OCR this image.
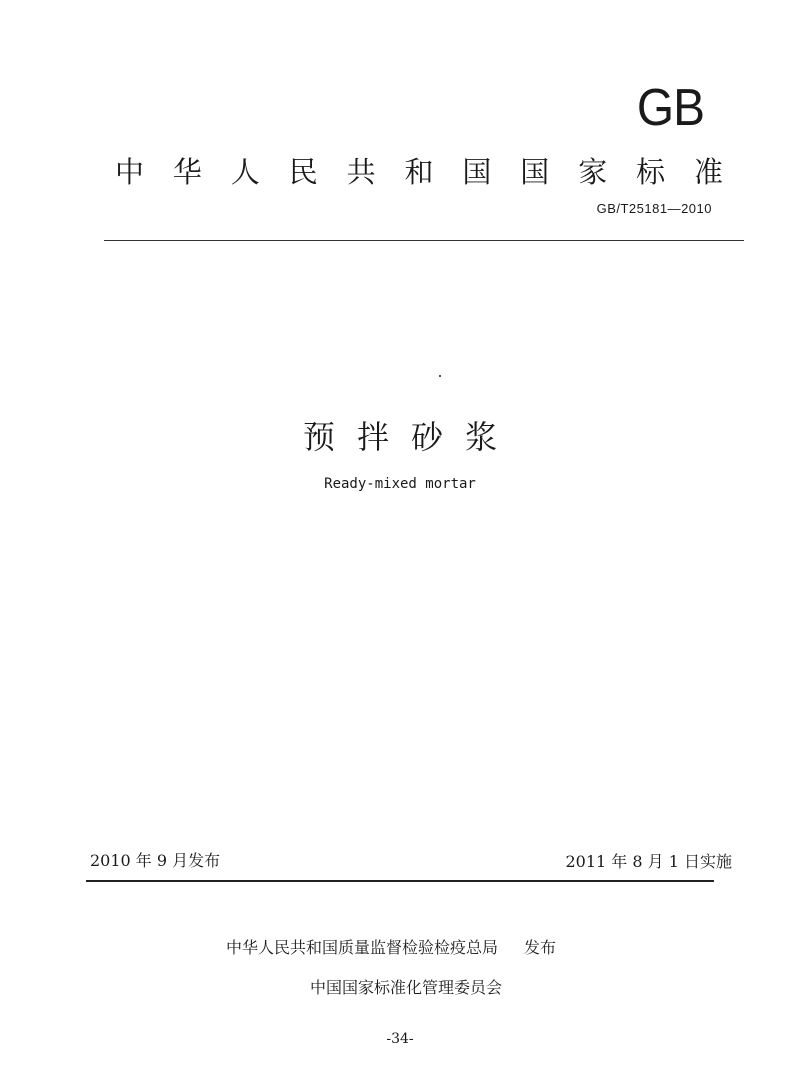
GB
中华人民共和国国家标准
GB/T25181—2010
预拌砂浆
Ready-mixed mortar
2010 年 9 月发布	2011 年 8 月 1 日实施
中华人民共和国质量监督检验检疫总局 发布
中国国家标准化管理委员会
-34-
